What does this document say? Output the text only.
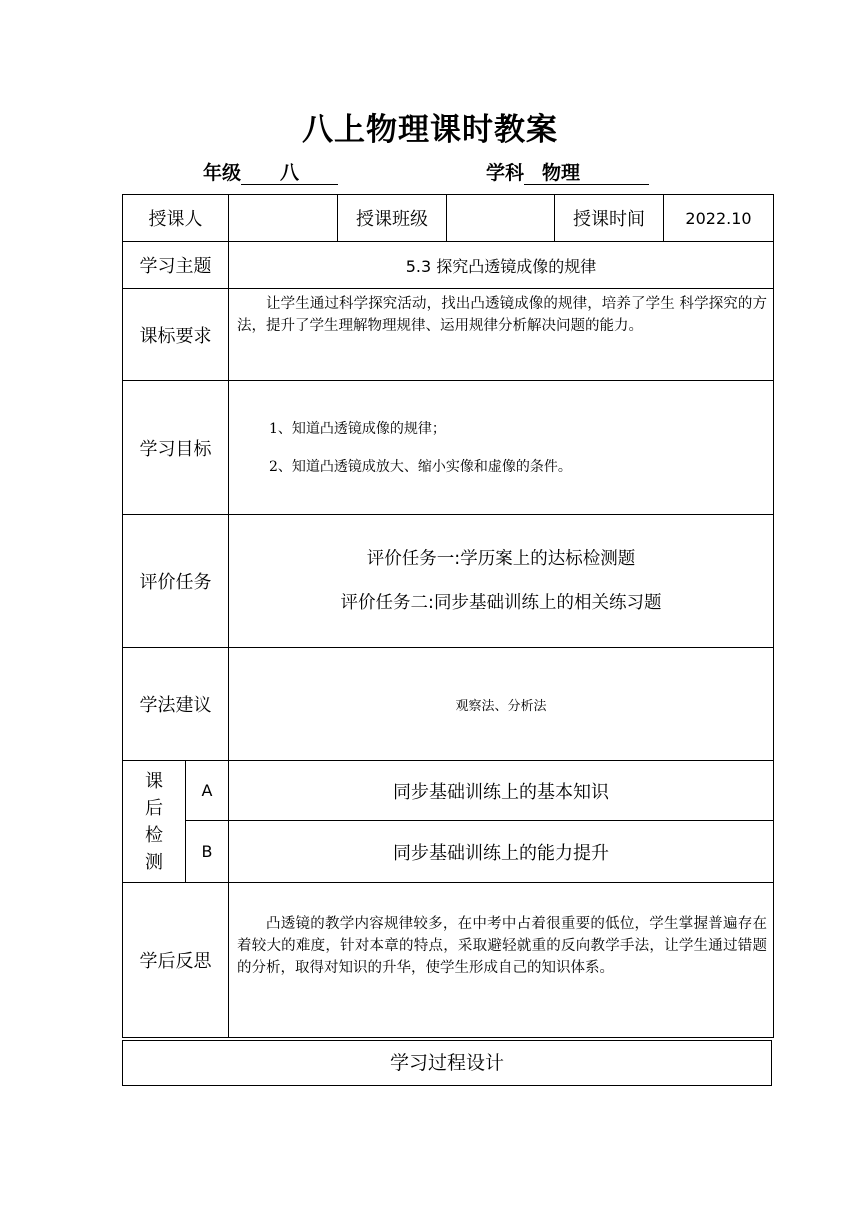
八上物理课时教案
年级 八	学科 物理
授课人			授课班级		授课时间	2022.10
学习主题		5.3 探究凸透镜成像的规律				
课标要求		让学生通过科学探究活动，找出凸透镜成像的规律，培养了学生 科学探究的方法，提升了学生理解物理规律、运用规律分析解决问题的能力。				
学习目标		1、知道凸透镜成像的规律；
2、知道凸透镜成放大、缩小实像和虚像的条件。				

评价任务		评价任务一:学历案上的达标检测题
评价任务二:同步基础训练上的相关练习题				

学法建议		观察法、分析法				

课
后
检
测	A	同步基础训练上的基本知识				
	B	同步基础训练上的能力提升				
学后反思		凸透镜的教学内容规律较多，在中考中占着很重要的低位，学生掌握普遍存在着较大的难度，针对本章的特点，采取避轻就重的反向教学手法，让学生通过错题的分析，取得对知识的升华，使学生形成自己的知识体系。				
学习过程设计
